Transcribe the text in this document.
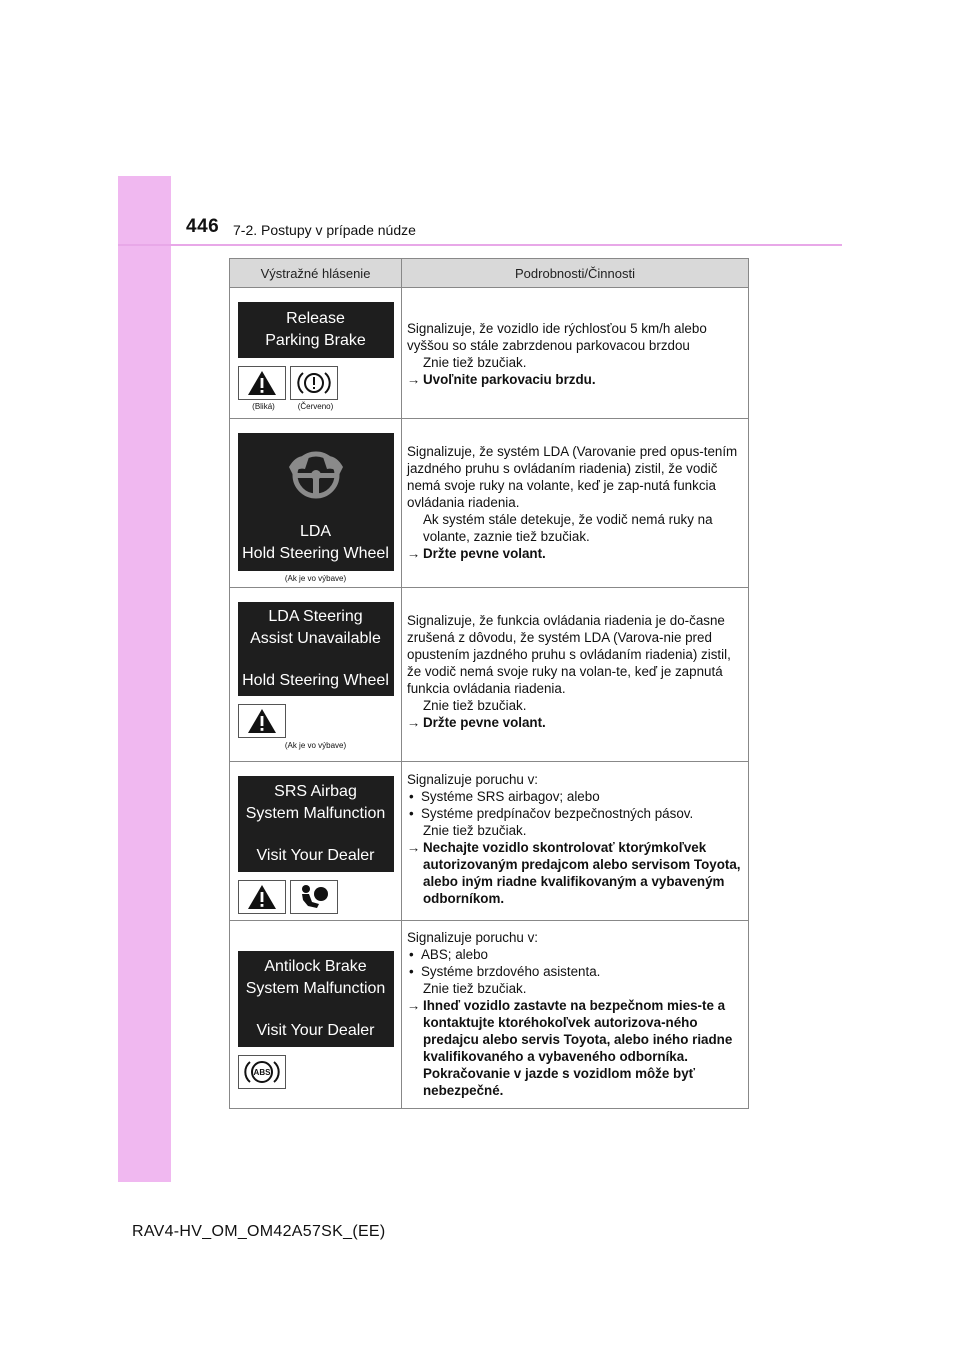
446 7-2. Postupy v prípade núdze
Výstražné hlásenie	Podrobnosti/Činnosti
Release
Parking Brake
(Bliká)	(Červeno)

Signalizuje, že vozidlo ide rýchlosťou 5 km/h alebo vyššou so stále zabrzdenou parkovacou brzdou

Znie tiež bzučiak.

→ Uvoľnite parkovaciu brzdu.
LDA
Hold Steering Wheel
(Ak je vo výbave)

Signalizuje, že systém LDA (Varovanie pred opus-tením jazdného pruhu s ovládaním riadenia) zistil, že vodič nemá svoje ruky na volante, keď je zap-nutá funkcia ovládania riadenia.

Ak systém stále detekuje, že vodič nemá ruky na volante, zaznie tiež bzučiak.

→ Držte pevne volant.
LDA Steering
Assist Unavailable
Hold Steering Wheel
(Ak je vo výbave)

Signalizuje, že funkcia ovládania riadenia je do-časne zrušená z dôvodu, že systém LDA (Varova-nie pred opustením jazdného pruhu s ovládaním riadenia) zistil, že vodič nemá svoje ruky na volan-te, keď je zapnutá funkcia ovládania riadenia.

Znie tiež bzučiak.

→ Držte pevne volant.
SRS Airbag
System Malfunction
Visit Your Dealer

Signalizuje poruchu v:

• Systéme SRS airbagov; alebo
• Systéme predpínačov bezpečnostných pásov.

Znie tiež bzučiak.

→ Nechajte vozidlo skontrolovať ktorýmkoľvek autorizovaným predajcom alebo servisom Toyota, alebo iným riadne kvalifikovaným a vybaveným odborníkom.
Antilock Brake
System Malfunction
Visit Your Dealer
ABS

Signalizuje poruchu v:

• ABS; alebo
• Systéme brzdového asistenta.

Znie tiež bzučiak.

→ Ihneď vozidlo zastavte na bezpečnom mies-te a kontaktujte ktoréhokoľvek autorizova-ného predajcu alebo servis Toyota, alebo iného riadne kvalifikovaného a vybaveného odborníka. Pokračovanie v jazde s vozidlom môže byť nebezpečné.
RAV4-HV_OM_OM42A57SK_(EE)
